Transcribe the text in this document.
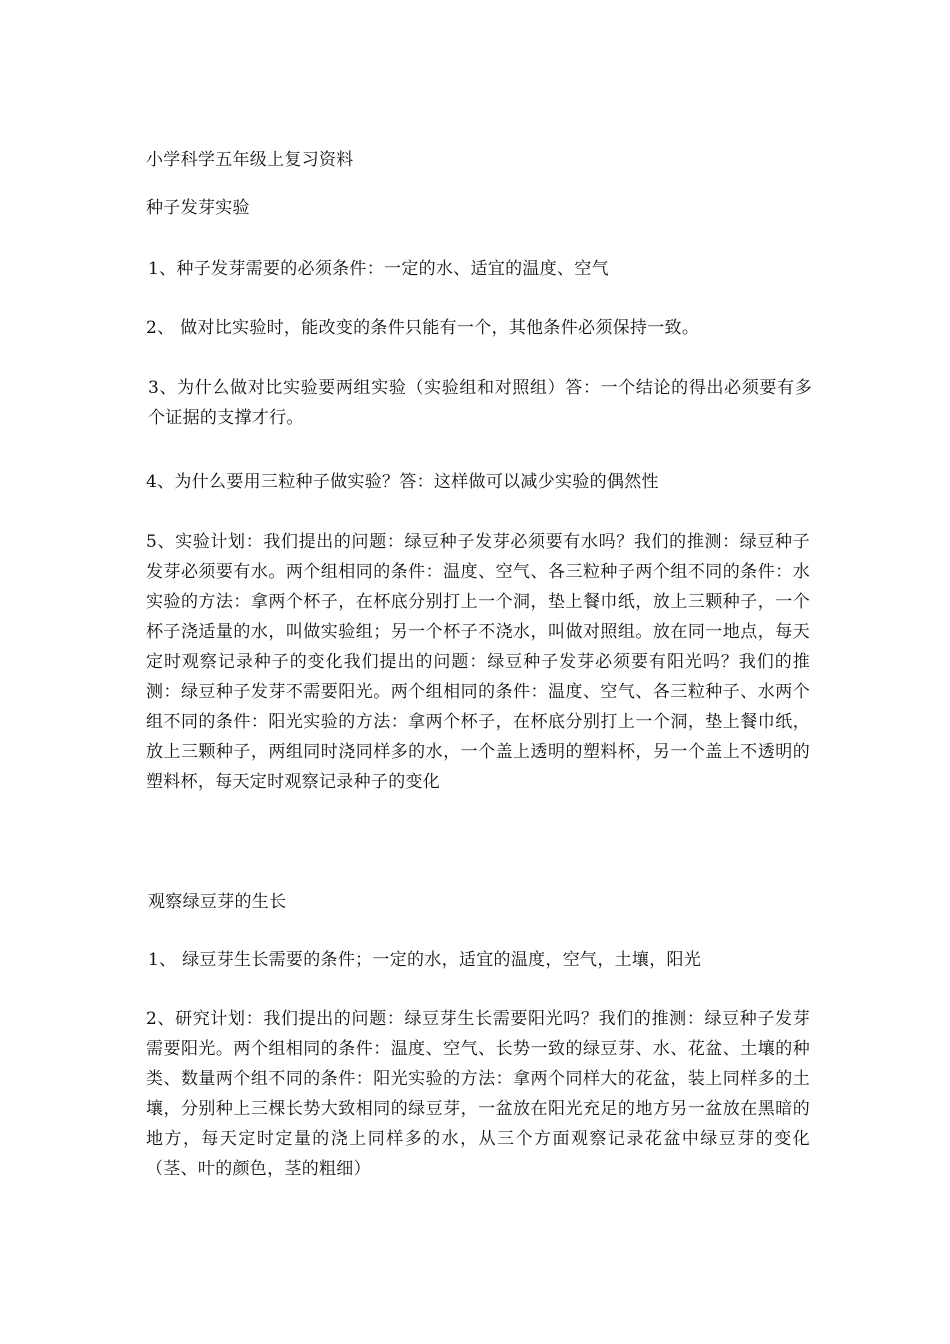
小学科学五年级上复习资料
种子发芽实验
1、种子发芽需要的必须条件：一定的水、适宜的温度、空气
2、 做对比实验时，能改变的条件只能有一个，其他条件必须保持一致。
3、为什么做对比实验要两组实验（实验组和对照组）答：一个结论的得出必须要有多个证据的支撑才行。
4、为什么要用三粒种子做实验？答：这样做可以减少实验的偶然性
5、实验计划：我们提出的问题：绿豆种子发芽必须要有水吗？我们的推测：绿豆种子发芽必须要有水。两个组相同的条件：温度、空气、各三粒种子两个组不同的条件：水实验的方法：拿两个杯子，在杯底分别打上一个洞，垫上餐巾纸，放上三颗种子，一个杯子浇适量的水，叫做实验组；另一个杯子不浇水，叫做对照组。放在同一地点，每天定时观察记录种子的变化我们提出的问题：绿豆种子发芽必须要有阳光吗？我们的推测：绿豆种子发芽不需要阳光。两个组相同的条件：温度、空气、各三粒种子、水两个组不同的条件：阳光实验的方法：拿两个杯子，在杯底分别打上一个洞，垫上餐巾纸，放上三颗种子，两组同时浇同样多的水，一个盖上透明的塑料杯，另一个盖上不透明的塑料杯，每天定时观察记录种子的变化
观察绿豆芽的生长
1、 绿豆芽生长需要的条件；一定的水，适宜的温度，空气，土壤，阳光
2、研究计划：我们提出的问题：绿豆芽生长需要阳光吗？我们的推测：绿豆种子发芽需要阳光。两个组相同的条件：温度、空气、长势一致的绿豆芽、水、花盆、土壤的种类、数量两个组不同的条件：阳光实验的方法：拿两个同样大的花盆，装上同样多的土壤，分别种上三棵长势大致相同的绿豆芽，一盆放在阳光充足的地方另一盆放在黑暗的地方，每天定时定量的浇上同样多的水，从三个方面观察记录花盆中绿豆芽的变化（茎、叶的颜色，茎的粗细）
